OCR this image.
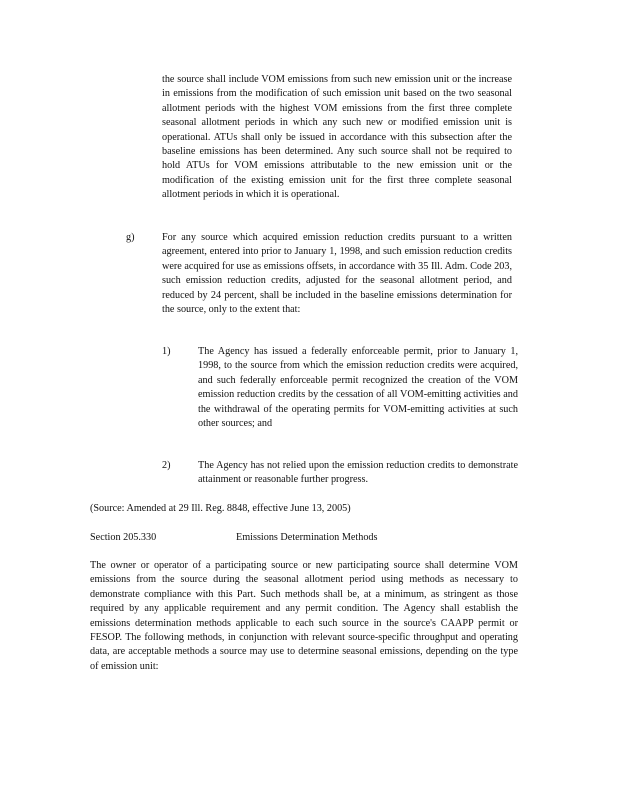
the source shall include VOM emissions from such new emission unit or the increase in emissions from the modification of such emission unit based on the two seasonal allotment periods with the highest VOM emissions from the first three complete seasonal allotment periods in which any such new or modified emission unit is operational. ATUs shall only be issued in accordance with this subsection after the baseline emissions has been determined. Any such source shall not be required to hold ATUs for VOM emissions attributable to the new emission unit or the modification of the existing emission unit for the first three complete seasonal allotment periods in which it is operational.

g)	For any source which acquired emission reduction credits pursuant to a written agreement, entered into prior to January 1, 1998, and such emission reduction credits were acquired for use as emissions offsets, in accordance with 35 Ill. Adm. Code 203, such emission reduction credits, adjusted for the seasonal allotment period, and reduced by 24 percent, shall be included in the baseline emissions determination for the source, only to the extent that:

1)	The Agency has issued a federally enforceable permit, prior to January 1, 1998, to the source from which the emission reduction credits were acquired, and such federally enforceable permit recognized the creation of the VOM emission reduction credits by the cessation of all VOM-emitting activities and the withdrawal of the operating permits for VOM-emitting activities at such other sources; and

2)	The Agency has not relied upon the emission reduction credits to demonstrate attainment or reasonable further progress.

(Source: Amended at 29 Ill. Reg. 8848, effective June 13, 2005)

Section 205.330	Emissions Determination Methods

The owner or operator of a participating source or new participating source shall determine VOM emissions from the source during the seasonal allotment period using methods as necessary to demonstrate compliance with this Part. Such methods shall be, at a minimum, as stringent as those required by any applicable requirement and any permit condition. The Agency shall establish the emissions determination methods applicable to each such source in the source's CAAPP permit or FESOP. The following methods, in conjunction with relevant source-specific throughput and operating data, are acceptable methods a source may use to determine seasonal emissions, depending on the type of emission unit:
